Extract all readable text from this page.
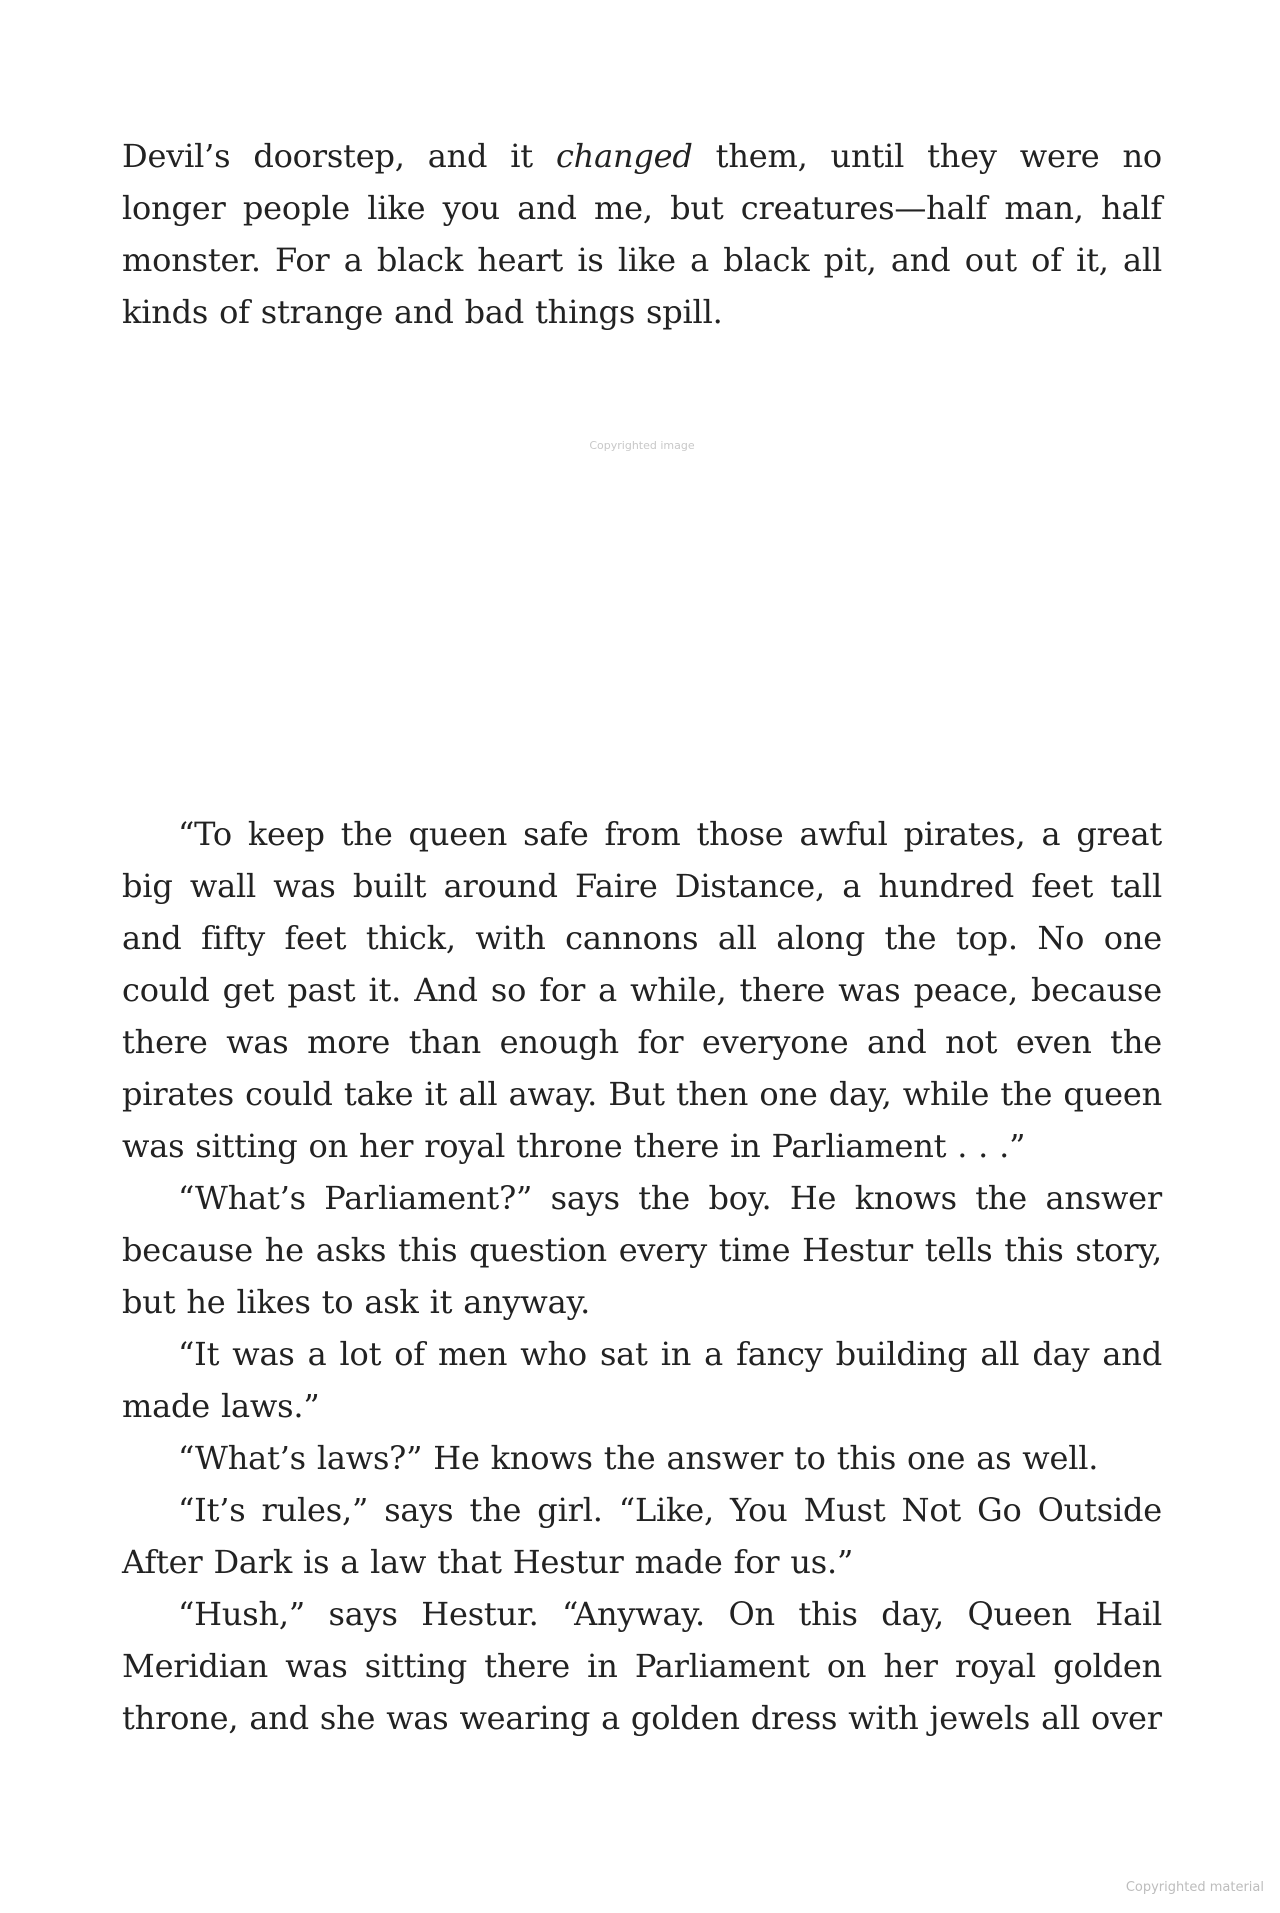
Devil’s doorstep, and it changed them, until they were no longer people like you and me, but creatures—half man, half monster. For a black heart is like a black pit, and out of it, all kinds of strange and bad things spill.

Copyrighted image

“To keep the queen safe from those awful pirates, a great big wall was built around Faire Distance, a hundred feet tall and fifty feet thick, with cannons all along the top. No one could get past it. And so for a while, there was peace, because there was more than enough for everyone and not even the pirates could take it all away. But then one day, while the queen was sitting on her royal throne there in Parliament . . .”

“What’s Parliament?” says the boy. He knows the answer because he asks this question every time Hestur tells this story, but he likes to ask it anyway.

“It was a lot of men who sat in a fancy building all day and made laws.”

“What’s laws?” He knows the answer to this one as well.

“It’s rules,” says the girl. “Like, You Must Not Go Outside After Dark is a law that Hestur made for us.”

“Hush,” says Hestur. “Anyway. On this day, Queen Hail Meridian was sitting there in Parliament on her royal golden throne, and she was wearing a golden dress with jewels all over

Copyrighted material
